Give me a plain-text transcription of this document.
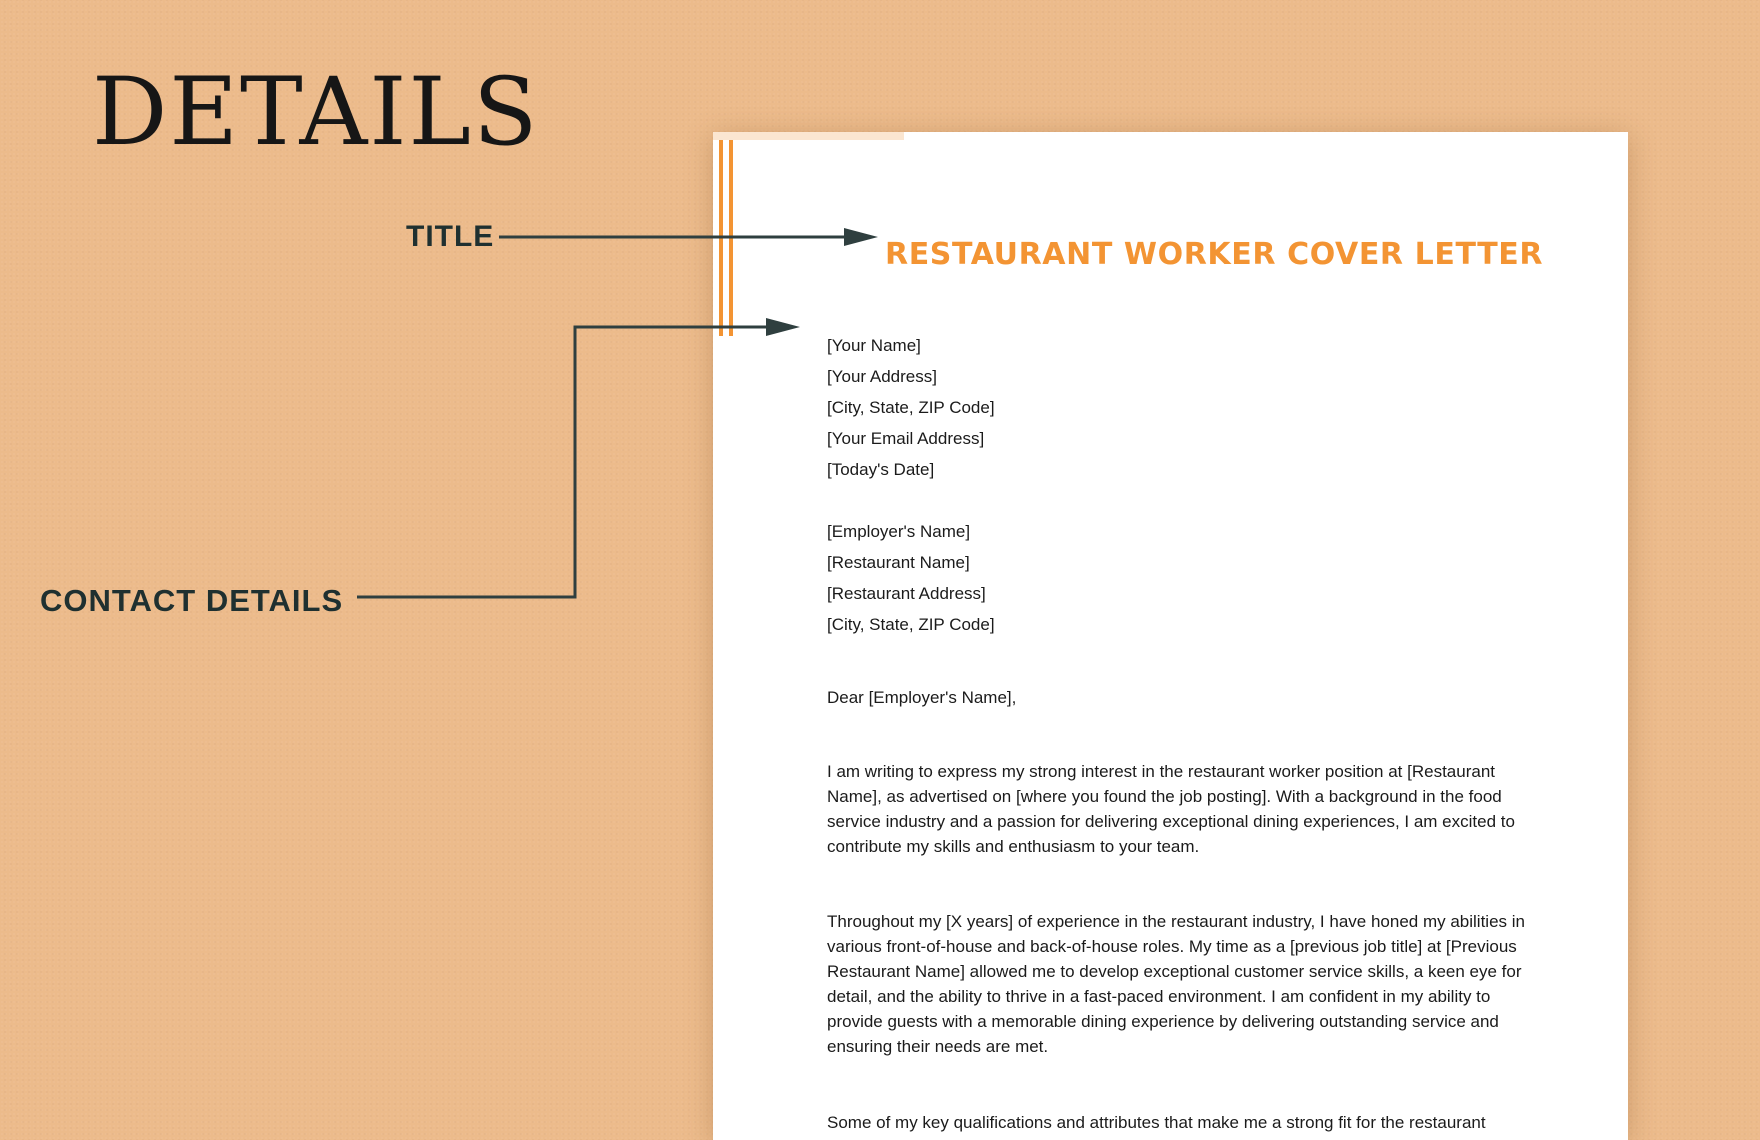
DETAILS
TITLE
CONTACT DETAILS
RESTAURANT WORKER COVER LETTER
[Your Name]
[Your Address]
[City, State, ZIP Code]
[Your Email Address]
[Today's Date]
[Employer's Name]
[Restaurant Name]
[Restaurant Address]
[City, State, ZIP Code]

Dear [Employer's Name],

I am writing to express my strong interest in the restaurant worker position at [Restaurant Name], as advertised on [where you found the job posting]. With a background in the food service industry and a passion for delivering exceptional dining experiences, I am excited to contribute my skills and enthusiasm to your team.

Throughout my [X years] of experience in the restaurant industry, I have honed my abilities in various front-of-house and back-of-house roles. My time as a [previous job title] at [Previous Restaurant Name] allowed me to develop exceptional customer service skills, a keen eye for detail, and the ability to thrive in a fast-paced environment. I am confident in my ability to provide guests with a memorable dining experience by delivering outstanding service and ensuring their needs are met.

Some of my key qualifications and attributes that make me a strong fit for the restaurant
